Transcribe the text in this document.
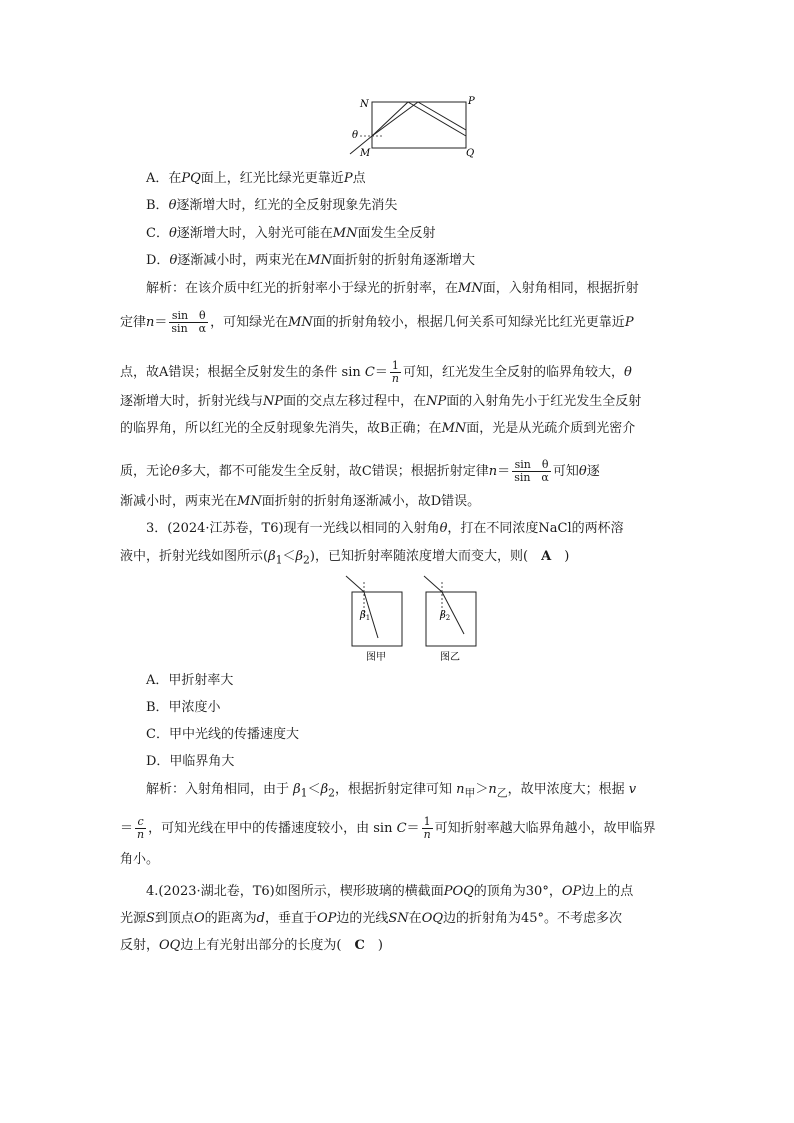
N	P
M	Q
θ
A．在PQ面上，红光比绿光更靠近P点
B．θ逐渐增大时，红光的全反射现象先消失
C．θ逐渐增大时，入射光可能在MN面发生全反射
D．θ逐渐减小时，两束光在MN面折射的折射角逐渐增大
解析：在该介质中红光的折射率小于绿光的折射率，在MN面，入射角相同，根据折射
定律$n= \frac{\text{sin　θ}}{\text{sin　α}}$ ，可知绿光在MN面的折射角较小，根据几何关系可知绿光比红光更靠近P
点，故A错误；根据全反射发生的条件 $\sin C= \frac{1}{n}$ 可知，红光发生全反射的临界角较大，θ
逐渐增大时，折射光线与NP面的交点左移过程中，在NP面的入射角先小于红光发生全反射
的临界角，所以红光的全反射现象先消失，故B正确；在MN面，光是从光疏介质到光密介
质，无论θ多大，都不可能发生全反射，故C错误；根据折射定律$n= \frac{\text{sin　θ}}{\text{sin　α}}$ 可知θ逐
渐减小时，两束光在MN面折射的折射角逐渐减小，故D错误。
3．(2024·江苏卷，T6)现有一光线以相同的入射角θ，打在不同浓度NaCl的两杯溶
液中，折射光线如图所示$(\beta_1<\beta_2)$，已知折射率随浓度增大而变大，则(　 A　 )
$\beta_1$	$\beta_2$
图甲	图乙
A．甲折射率大
B．甲浓度小
C．甲中光线的传播速度大
D．甲临界角大
解析：入射角相同，由于 $\beta_1<\beta_2$，根据折射定律可知 $n_甲>n_乙$，故甲浓度大；根据 v
＝ $\frac{c}{n}$ ，可知光线在甲中的传播速度较小，由 $\sin C= \frac{1}{n}$ 可知折射率越大临界角越小，故甲临界
角小。
4.(2023·湖北卷，T6)如图所示，楔形玻璃的横截面POQ的顶角为30°，OP边上的点
光源S到顶点O的距离为d，垂直于OP边的光线SN在OQ边的折射角为45°。不考虑多次
反射，OQ边上有光射出部分的长度为(　 C　 )
